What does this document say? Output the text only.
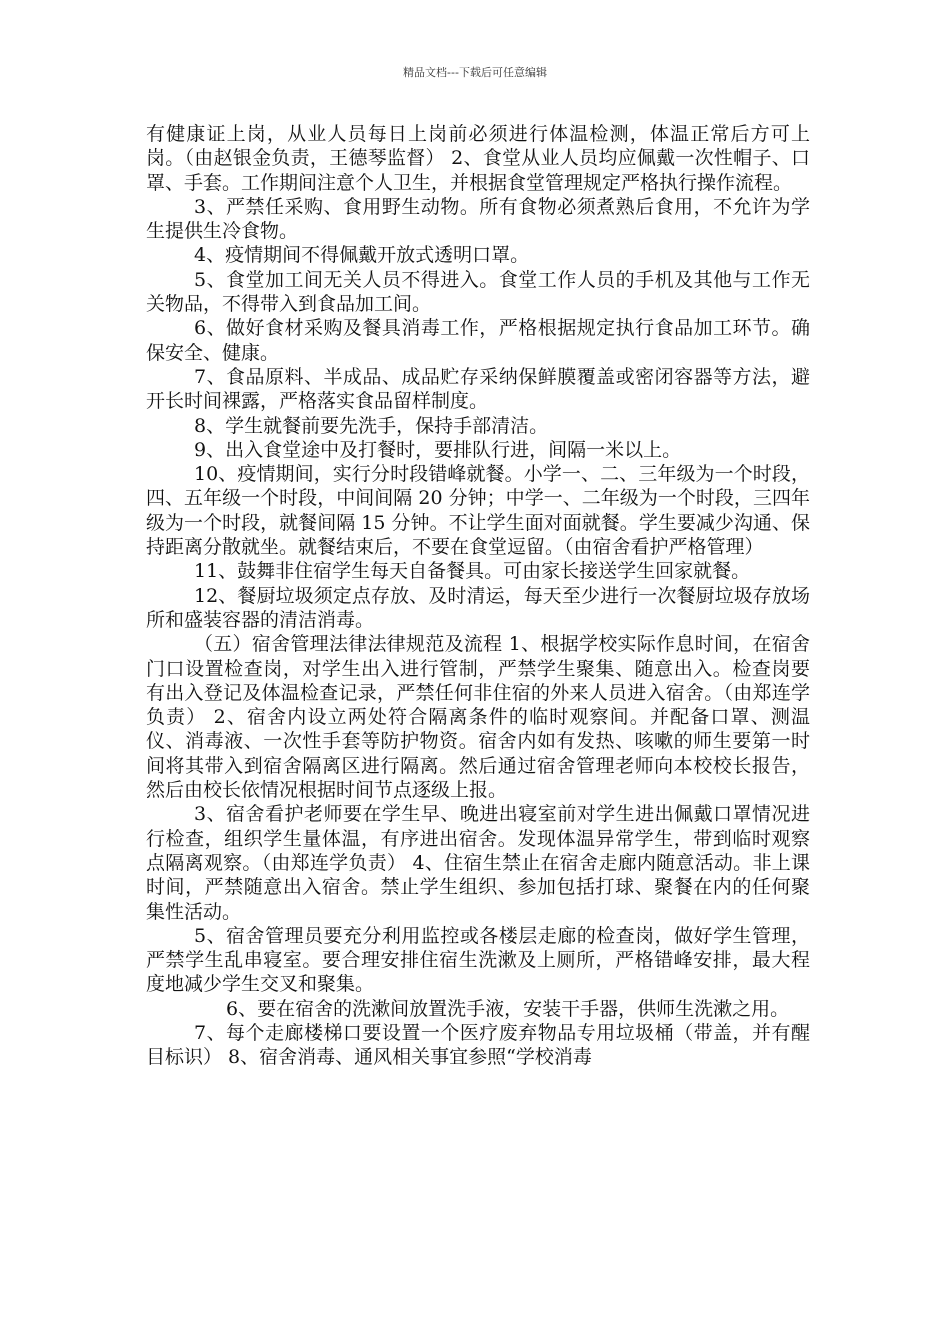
精品文档---下载后可任意编辑

有健康证上岗，从业人员每日上岗前必须进行体温检测，体温正常后方可上岗。（由赵银金负责，王德琴监督） 2、食堂从业人员均应佩戴一次性帽子、口罩、手套。工作期间注意个人卫生，并根据食堂管理规定严格执行操作流程。

3、严禁任采购、食用野生动物。所有食物必须煮熟后食用，不允许为学生提供生冷食物。

4、疫情期间不得佩戴开放式透明口罩。

5、食堂加工间无关人员不得进入。食堂工作人员的手机及其他与工作无关物品，不得带入到食品加工间。

6、做好食材采购及餐具消毒工作，严格根据规定执行食品加工环节。确保安全、健康。

7、食品原料、半成品、成品贮存采纳保鲜膜覆盖或密闭容器等方法，避开长时间裸露，严格落实食品留样制度。

8、学生就餐前要先洗手，保持手部清洁。

9、出入食堂途中及打餐时，要排队行进，间隔一米以上。

10、疫情期间，实行分时段错峰就餐。小学一、二、三年级为一个时段，四、五年级一个时段，中间间隔 20 分钟；中学一、二年级为一个时段，三四年级为一个时段，就餐间隔 15 分钟。不让学生面对面就餐。学生要减少沟通、保持距离分散就坐。就餐结束后，不要在食堂逗留。（由宿舍看护严格管理）

11、鼓舞非住宿学生每天自备餐具。可由家长接送学生回家就餐。

12、餐厨垃圾须定点存放、及时清运，每天至少进行一次餐厨垃圾存放场所和盛装容器的清洁消毒。

（五）宿舍管理法律法律规范及流程 1、根据学校实际作息时间，在宿舍门口设置检查岗，对学生出入进行管制，严禁学生聚集、随意出入。检查岗要有出入登记及体温检查记录，严禁任何非住宿的外来人员进入宿舍。（由郑连学负责） 2、宿舍内设立两处符合隔离条件的临时观察间。并配备口罩、测温仪、消毒液、一次性手套等防护物资。宿舍内如有发热、咳嗽的师生要第一时间将其带入到宿舍隔离区进行隔离。然后通过宿舍管理老师向本校校长报告，然后由校长依情况根据时间节点逐级上报。

3、宿舍看护老师要在学生早、晚进出寝室前对学生进出佩戴口罩情况进行检查，组织学生量体温，有序进出宿舍。发现体温异常学生，带到临时观察点隔离观察。（由郑连学负责） 4、住宿生禁止在宿舍走廊内随意活动。非上课时间，严禁随意出入宿舍。禁止学生组织、参加包括打球、聚餐在内的任何聚集性活动。

5、宿舍管理员要充分利用监控或各楼层走廊的检查岗，做好学生管理，严禁学生乱串寝室。要合理安排住宿生洗漱及上厕所，严格错峰安排，最大程度地减少学生交叉和聚集。

6、要在宿舍的洗漱间放置洗手液，安装干手器，供师生洗漱之用。

7、每个走廊楼梯口要设置一个医疗废弃物品专用垃圾桶（带盖，并有醒目标识） 8、宿舍消毒、通风相关事宜参照“学校消毒
